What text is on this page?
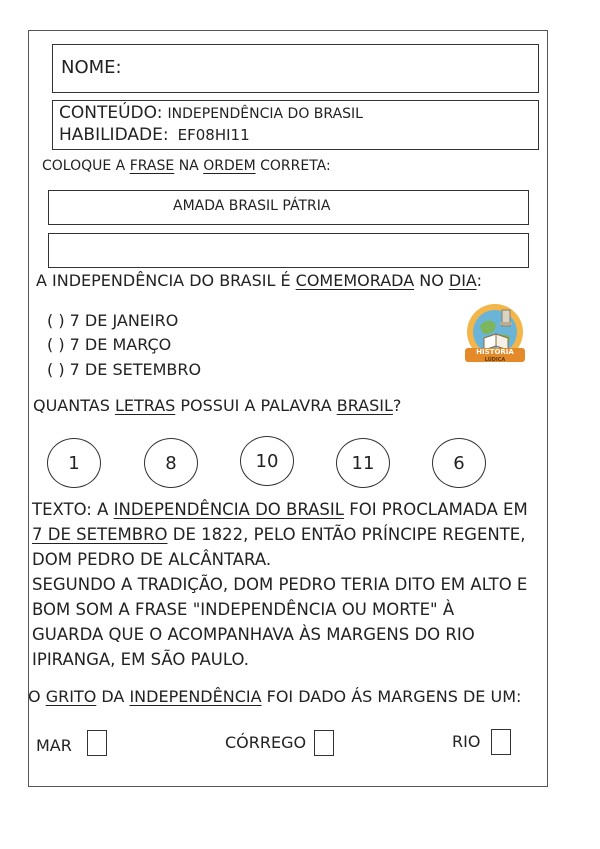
NOME:
CONTEÚDO: INDEPENDÊNCIA DO BRASIL
HABILIDADE: EF08HI11
COLOQUE A FRASE NA ORDEM CORRETA:
AMADA BRASIL PÁTRIA
A INDEPENDÊNCIA DO BRASIL É COMEMORADA NO DIA:
( ) 7 DE JANEIRO
( ) 7 DE MARÇO
( ) 7 DE SETEMBRO
HISTÓRIA
LÚDICA
QUANTAS LETRAS POSSUI A PALAVRA BRASIL?
1	8	10	11	6
TEXTO: A INDEPENDÊNCIA DO BRASIL FOI PROCLAMADA EM
7 DE SETEMBRO DE 1822, PELO ENTÃO PRÍNCIPE REGENTE,
DOM PEDRO DE ALCÂNTARA.
SEGUNDO A TRADIÇÃO, DOM PEDRO TERIA DITO EM ALTO E
BOM SOM A FRASE "INDEPENDÊNCIA OU MORTE" À
GUARDA QUE O ACOMPANHAVA ÀS MARGENS DO RIO
IPIRANGA, EM SÃO PAULO.
O GRITO DA INDEPENDÊNCIA FOI DADO ÁS MARGENS DE UM:
MAR	CÓRREGO	RIO
